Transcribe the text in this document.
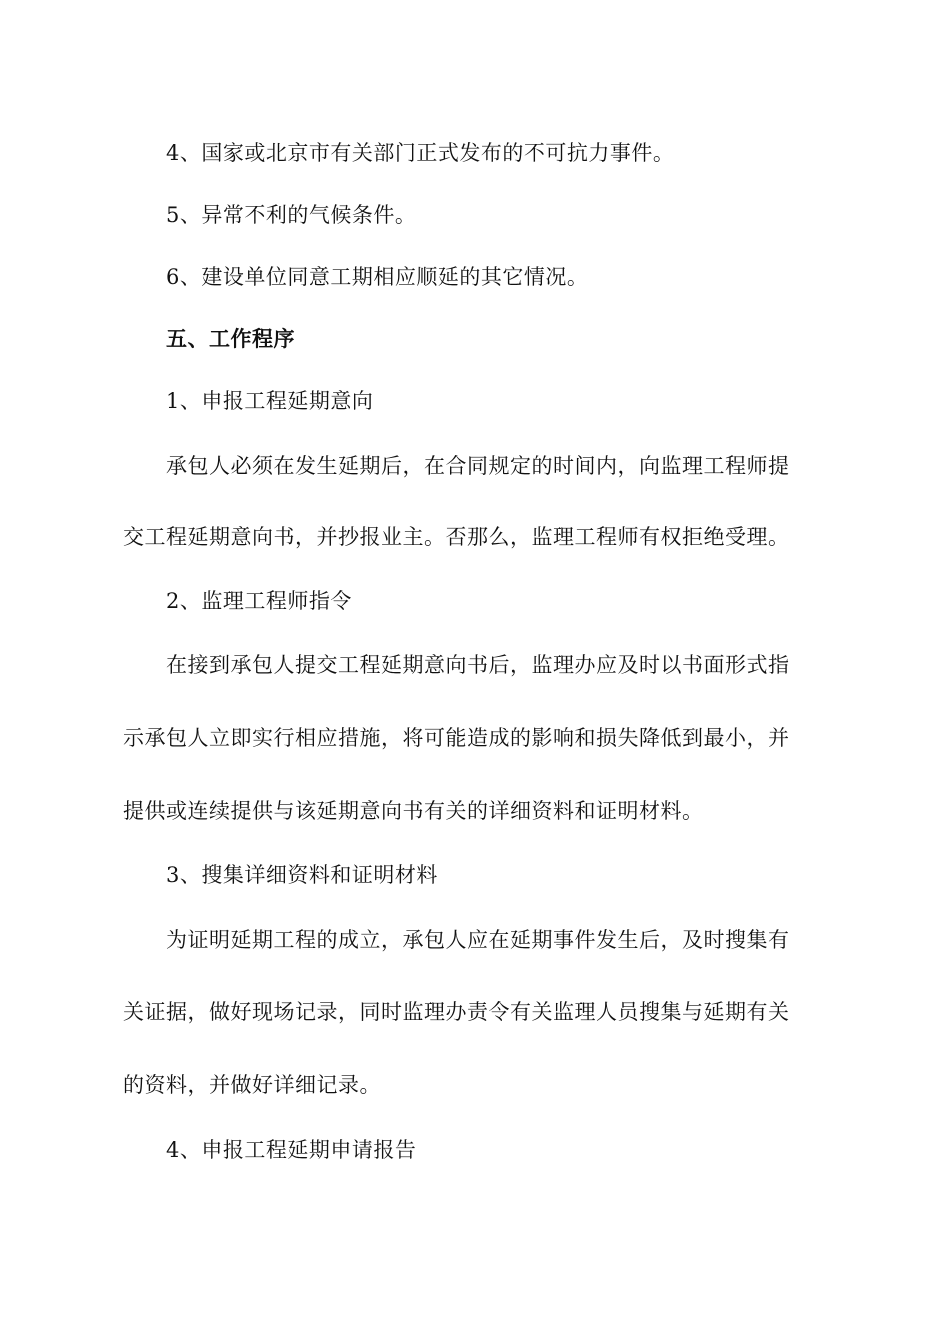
4、国家或北京市有关部门正式发布的不可抗力事件。
5、异常不利的气候条件。
6、建设单位同意工期相应顺延的其它情况。
五、工作程序
1、申报工程延期意向
承包人必须在发生延期后，在合同规定的时间内，向监理工程师提
交工程延期意向书，并抄报业主。否那么，监理工程师有权拒绝受理。
2、监理工程师指令
在接到承包人提交工程延期意向书后，监理办应及时以书面形式指
示承包人立即实行相应措施，将可能造成的影响和损失降低到最小，并
提供或连续提供与该延期意向书有关的详细资料和证明材料。
3、搜集详细资料和证明材料
为证明延期工程的成立，承包人应在延期事件发生后，及时搜集有
关证据，做好现场记录，同时监理办责令有关监理人员搜集与延期有关
的资料，并做好详细记录。
4、申报工程延期申请报告
